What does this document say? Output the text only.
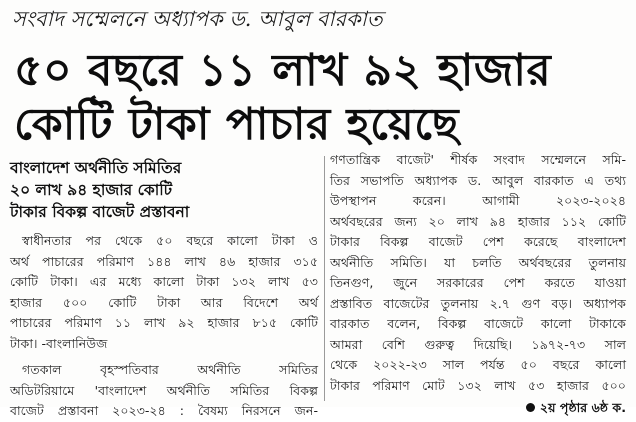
সংবাদ সম্মেলনে অধ্যাপক ড. আবুল বারকাত
৫০ বছরে ১১ লাখ ৯২ হাজার
কোটি টাকা পাচার হয়েছে

বাংলাদেশ অর্থনীতি সমিতির

২০ লাখ ৯৪ হাজার কোটি

টাকার বিকল্প বাজেট প্রস্তাবনা

স্বাধীনতার পর থেকে ৫০ বছরে কালো টাকা ও

অর্থ পাচারের পরিমাণ ১৪৪ লাখ ৪৬ হাজার ৩১৫

কোটি টাকা। এর মধ্যে কালো টাকা ১৩২ লাখ ৫৩

হাজার ৫০০ কোটি টাকা আর বিদেশে অর্থ

পাচারের পরিমাণ ১১ লাখ ৯২ হাজার ৮১৫ কোটি

টাকা। -বাংলানিউজ

গতকাল বৃহস্পতিবার অর্থনীতি সমিতির

অডিটরিয়ামে 'বাংলাদেশ অর্থনীতি সমিতির বিকল্প

বাজেট প্রস্তাবনা ২০২৩-২৪ : বৈষম্য নিরসনে জন-

গণতান্ত্রিক বাজেট' শীর্ষক সংবাদ সম্মেলনে সমি-

তির সভাপতি অধ্যাপক ড. আবুল বারকাত এ তথ্য

উপস্থাপন করেন। আগামী ২০২৩-২০২৪

অর্থবছরের জন্য ২০ লাখ ৯৪ হাজার ১১২ কোটি

টাকার বিকল্প বাজেট পেশ করেছে বাংলাদেশ

অর্থনীতি সমিতি। যা চলতি অর্থবছরের তুলনায়

তিনগুণ, জুনে সরকারের পেশ করতে যাওয়া

প্রস্তাবিত বাজেটের তুলনায় ২.৭ গুণ বড়। অধ্যাপক

বারকাত বলেন, বিকল্প বাজেটে কালো টাকাকে

আমরা বেশি গুরুত্ব দিয়েছি। ১৯৭২-৭৩ সাল

থেকে ২০২২-২৩ সাল পর্যন্ত ৫০ বছরে কালো

টাকার পরিমাণ মোট ১৩২ লাখ ৫৩ হাজার ৫০০

২য় পৃষ্ঠার ৬ষ্ঠ ক.
